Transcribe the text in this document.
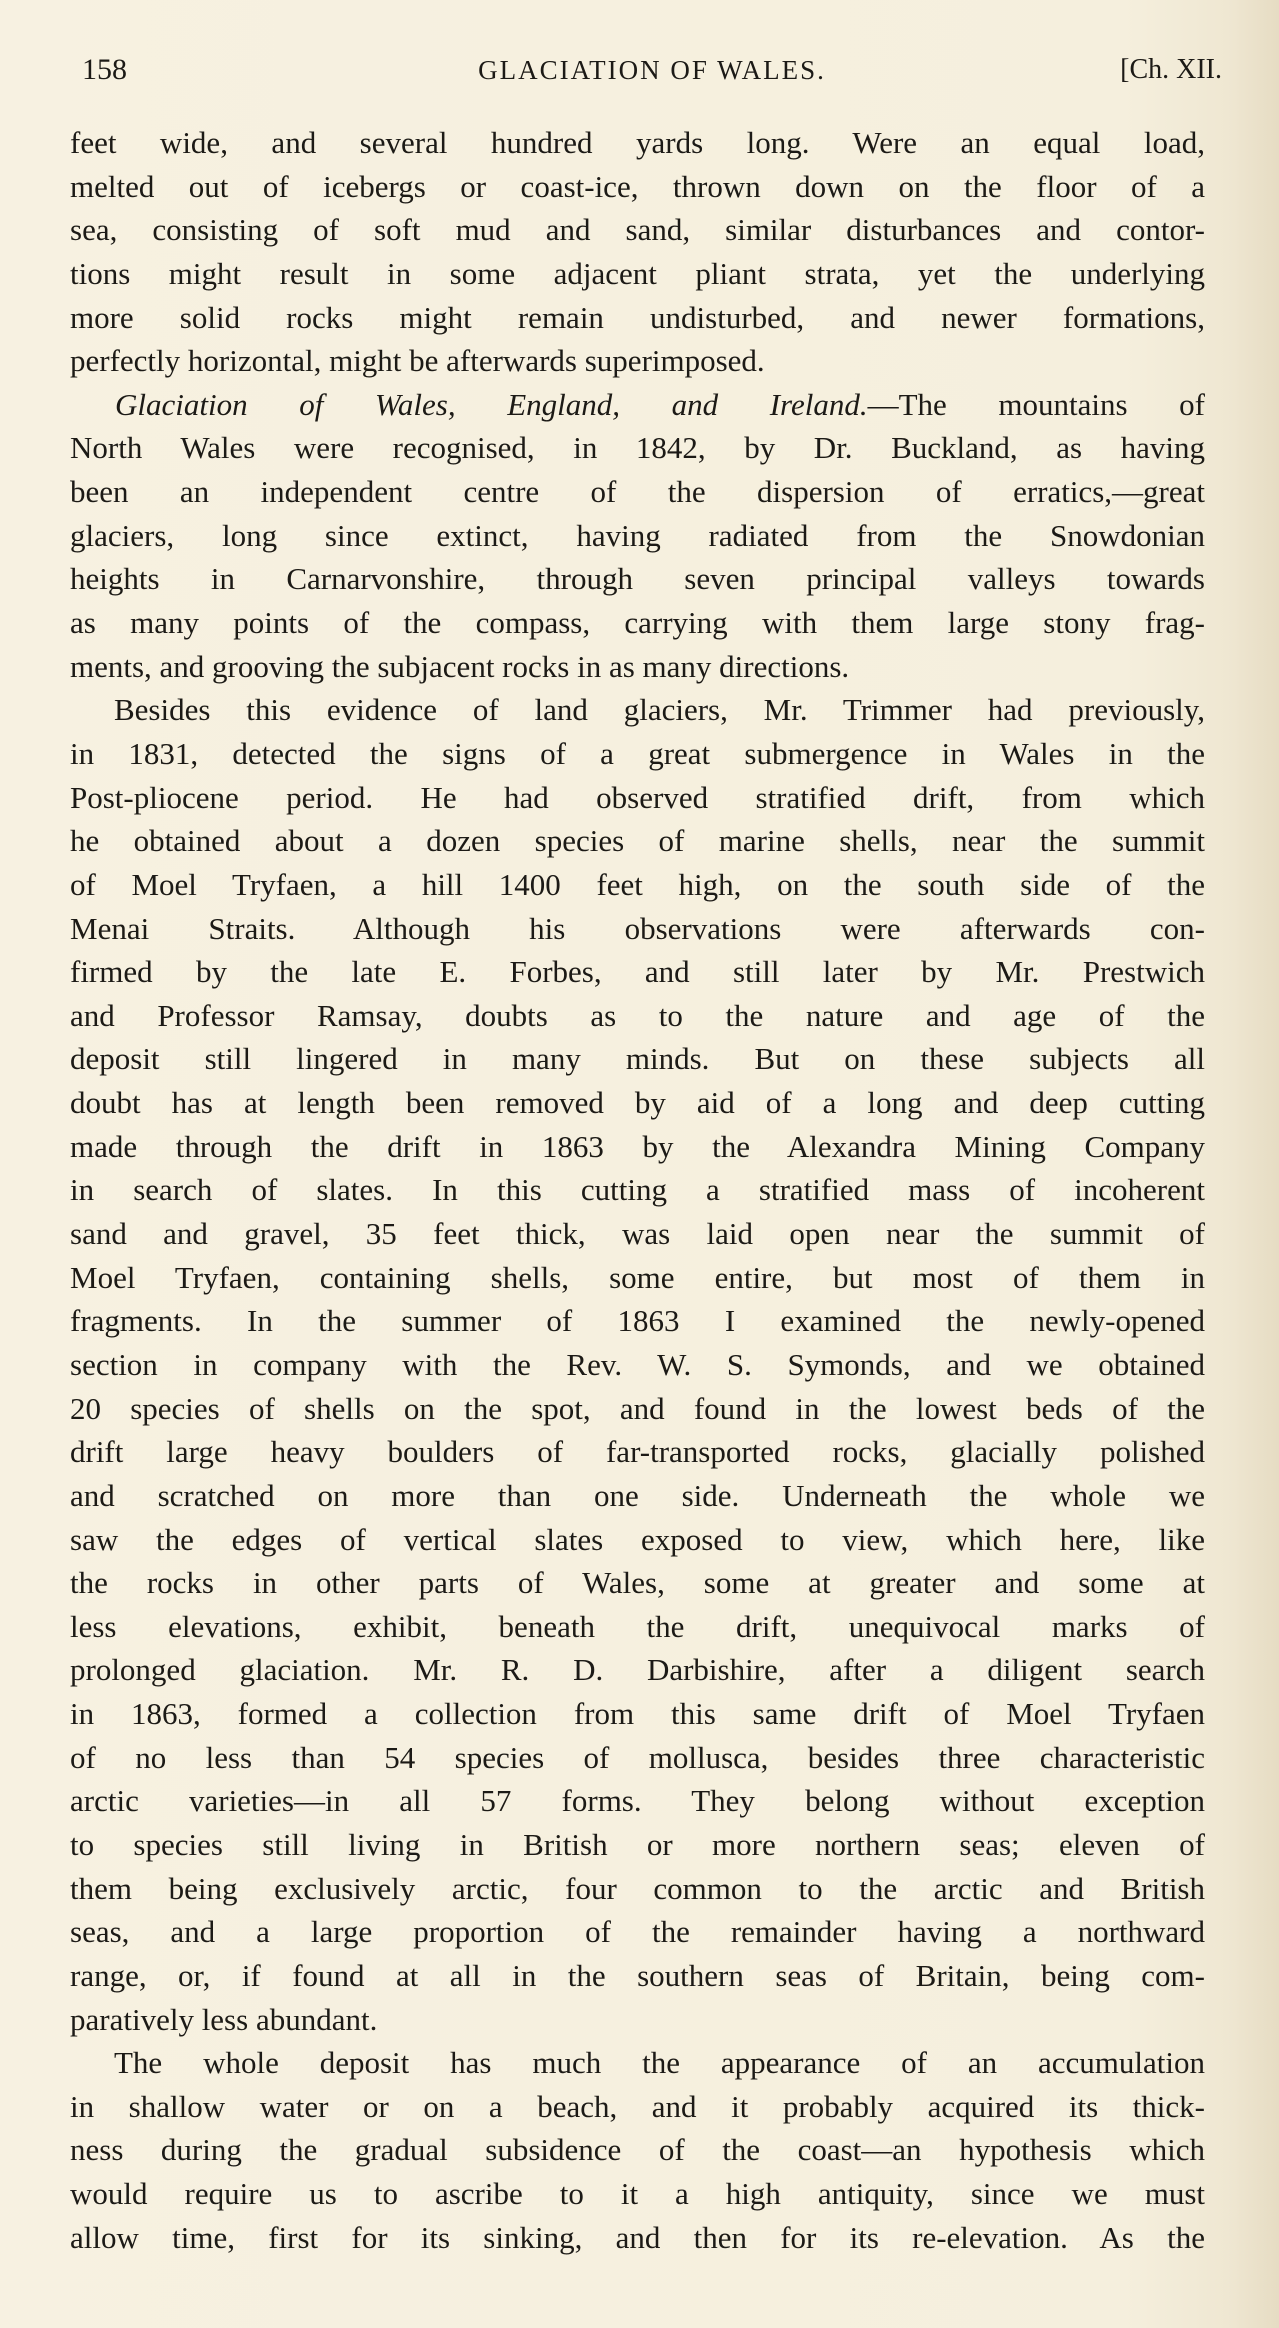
158	GLACIATION OF WALES.	[Ch. XII.
feet wide, and several hundred yards long. Were an equal load,
melted out of icebergs or coast-ice, thrown down on the floor of a
sea, consisting of soft mud and sand, similar disturbances and contor-
tions might result in some adjacent pliant strata, yet the underlying
more solid rocks might remain undisturbed, and newer formations,
perfectly horizontal, might be afterwards superimposed.
Glaciation of Wales, England, and Ireland.—The mountains of
North Wales were recognised, in 1842, by Dr. Buckland, as having
been an independent centre of the dispersion of erratics,—great
glaciers, long since extinct, having radiated from the Snowdonian
heights in Carnarvonshire, through seven principal valleys towards
as many points of the compass, carrying with them large stony frag-
ments, and grooving the subjacent rocks in as many directions.
Besides this evidence of land glaciers, Mr. Trimmer had previously,
in 1831, detected the signs of a great submergence in Wales in the
Post-pliocene period. He had observed stratified drift, from which
he obtained about a dozen species of marine shells, near the summit
of Moel Tryfaen, a hill 1400 feet high, on the south side of the
Menai Straits. Although his observations were afterwards con-
firmed by the late E. Forbes, and still later by Mr. Prestwich
and Professor Ramsay, doubts as to the nature and age of the
deposit still lingered in many minds. But on these subjects all
doubt has at length been removed by aid of a long and deep cutting
made through the drift in 1863 by the Alexandra Mining Company
in search of slates. In this cutting a stratified mass of incoherent
sand and gravel, 35 feet thick, was laid open near the summit of
Moel Tryfaen, containing shells, some entire, but most of them in
fragments. In the summer of 1863 I examined the newly-opened
section in company with the Rev. W. S. Symonds, and we obtained
20 species of shells on the spot, and found in the lowest beds of the
drift large heavy boulders of far-transported rocks, glacially polished
and scratched on more than one side. Underneath the whole we
saw the edges of vertical slates exposed to view, which here, like
the rocks in other parts of Wales, some at greater and some at
less elevations, exhibit, beneath the drift, unequivocal marks of
prolonged glaciation. Mr. R. D. Darbishire, after a diligent search
in 1863, formed a collection from this same drift of Moel Tryfaen
of no less than 54 species of mollusca, besides three characteristic
arctic varieties—in all 57 forms. They belong without exception
to species still living in British or more northern seas; eleven of
them being exclusively arctic, four common to the arctic and British
seas, and a large proportion of the remainder having a northward
range, or, if found at all in the southern seas of Britain, being com-
paratively less abundant.
The whole deposit has much the appearance of an accumulation
in shallow water or on a beach, and it probably acquired its thick-
ness during the gradual subsidence of the coast—an hypothesis which
would require us to ascribe to it a high antiquity, since we must
allow time, first for its sinking, and then for its re-elevation. As the
